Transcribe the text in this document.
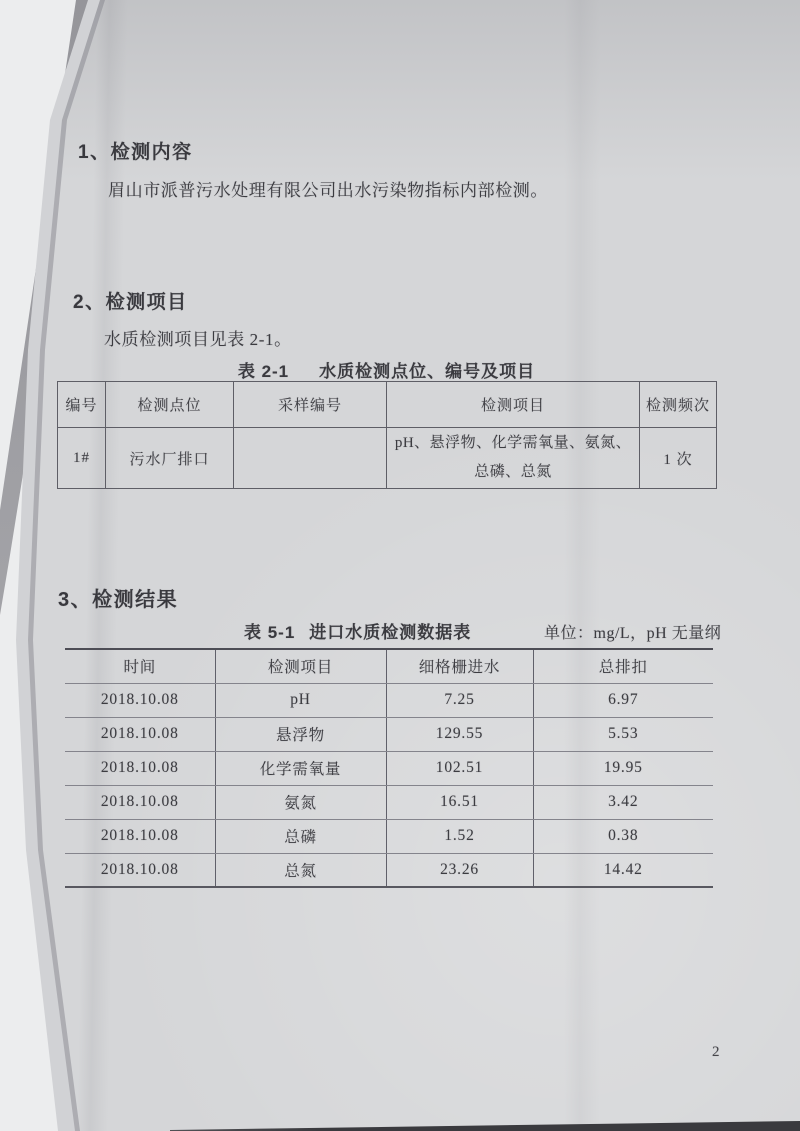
1、检测内容
眉山市派普污水处理有限公司出水污染物指标内部检测。
2、检测项目
水质检测项目见表 2-1。
表 2-1 水质检测点位、编号及项目
编号	检测点位	采样编号	检测项目	检测频次
1#	污水厂排口		pH、悬浮物、化学需氧量、氨氮、总磷、总氮	1 次
3、检测结果
表 5-1 进口水质检测数据表	单位：mg/L，pH 无量纲
时间	检测项目	细格栅进水	总排扣
2018.10.08	pH	7.25	6.97
2018.10.08	悬浮物	129.55	5.53
2018.10.08	化学需氧量	102.51	19.95
2018.10.08	氨氮	16.51	3.42
2018.10.08	总磷	1.52	0.38
2018.10.08	总氮	23.26	14.42
2
